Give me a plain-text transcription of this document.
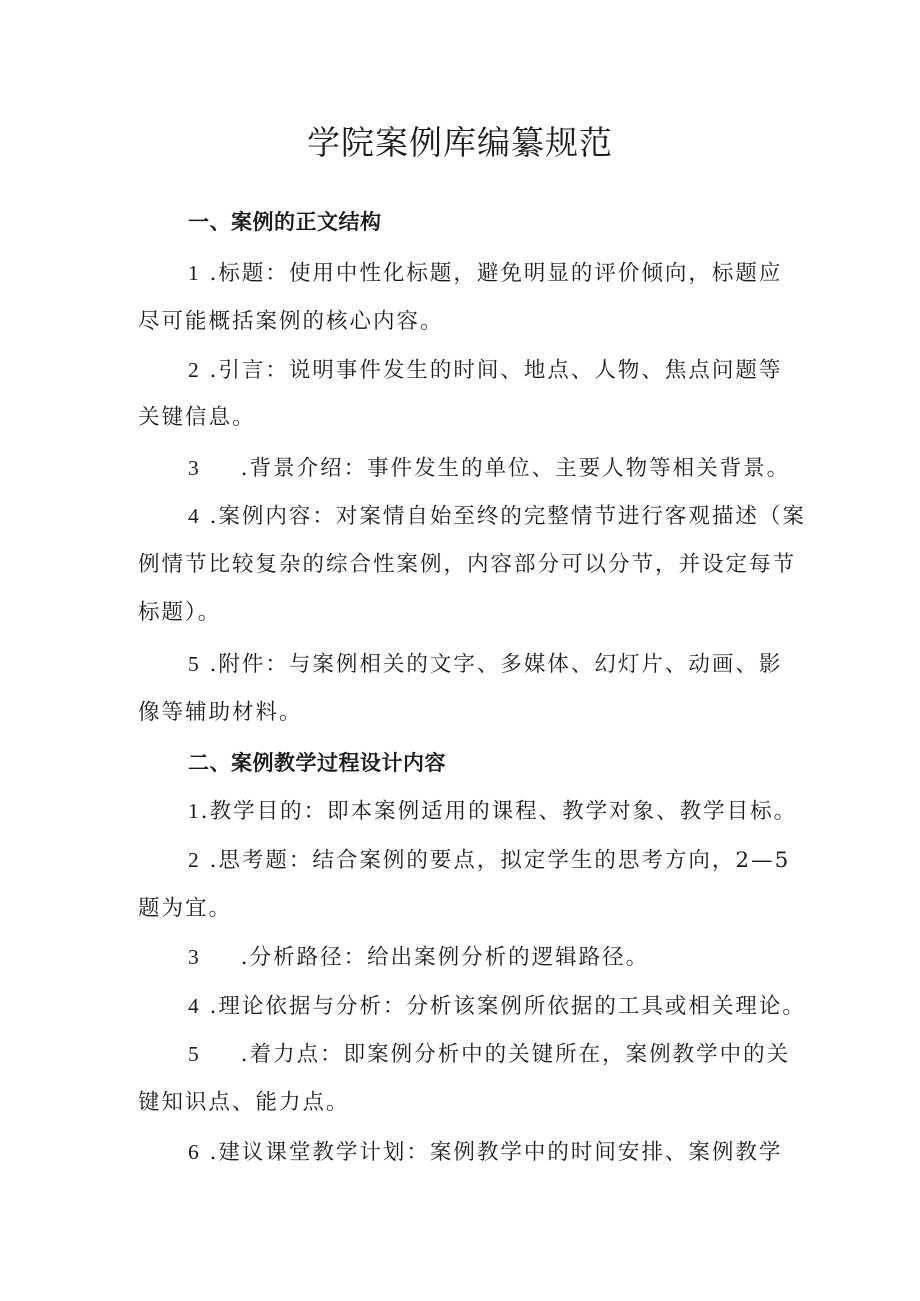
学院案例库编纂规范
一、案例的正文结构
1 .标题：使用中性化标题，避免明显的评价倾向，标题应
尽可能概括案例的核心内容。
2 .引言：说明事件发生的时间、地点、人物、焦点问题等
关键信息。
3 .背景介绍：事件发生的单位、主要人物等相关背景。
4 .案例内容：对案情自始至终的完整情节进行客观描述（案
例情节比较复杂的综合性案例，内容部分可以分节，并设定每节
标题）。
5 .附件：与案例相关的文字、多媒体、幻灯片、动画、影
像等辅助材料。
二、案例教学过程设计内容
1.教学目的：即本案例适用的课程、教学对象、教学目标。
2 .思考题：结合案例的要点，拟定学生的思考方向，2—5
题为宜。
3 .分析路径：给出案例分析的逻辑路径。
4 .理论依据与分析：分析该案例所依据的工具或相关理论。
5 .着力点：即案例分析中的关键所在，案例教学中的关
键知识点、能力点。
6 .建议课堂教学计划：案例教学中的时间安排、案例教学
